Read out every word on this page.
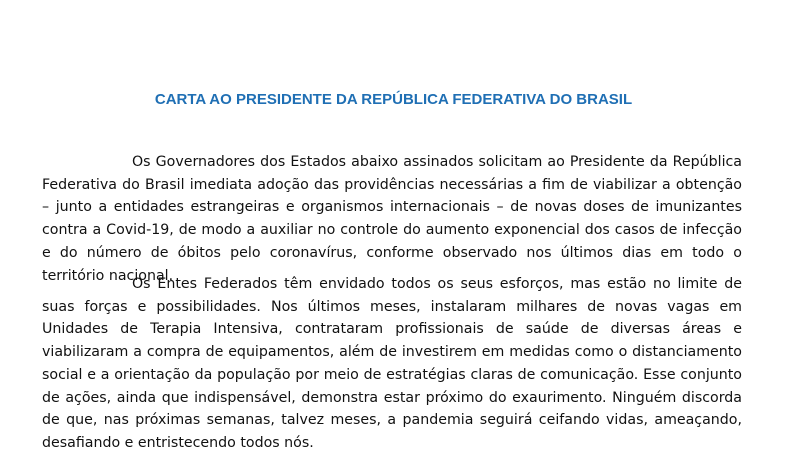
CARTA AO PRESIDENTE DA REPÚBLICA FEDERATIVA DO BRASIL

Os Governadores dos Estados abaixo assinados solicitam ao Presidente da República Federativa do Brasil imediata adoção das providências necessárias a fim de viabilizar a obtenção – junto a entidades estrangeiras e organismos internacionais – de novas doses de imunizantes contra a Covid-19, de modo a auxiliar no controle do aumento exponencial dos casos de infecção e do número de óbitos pelo coronavírus, conforme observado nos últimos dias em todo o território nacional.

Os Entes Federados têm envidado todos os seus esforços, mas estão no limite de suas forças e possibilidades. Nos últimos meses, instalaram milhares de novas vagas em Unidades de Terapia Intensiva, contrataram profissionais de saúde de diversas áreas e viabilizaram a compra de equipamentos, além de investirem em medidas como o distanciamento social e a orientação da população por meio de estratégias claras de comunicação. Esse conjunto de ações, ainda que indispensável, demonstra estar próximo do exaurimento. Ninguém discorda de que, nas próximas semanas, talvez meses, a pandemia seguirá ceifando vidas, ameaçando, desafiando e entristecendo todos nós.
